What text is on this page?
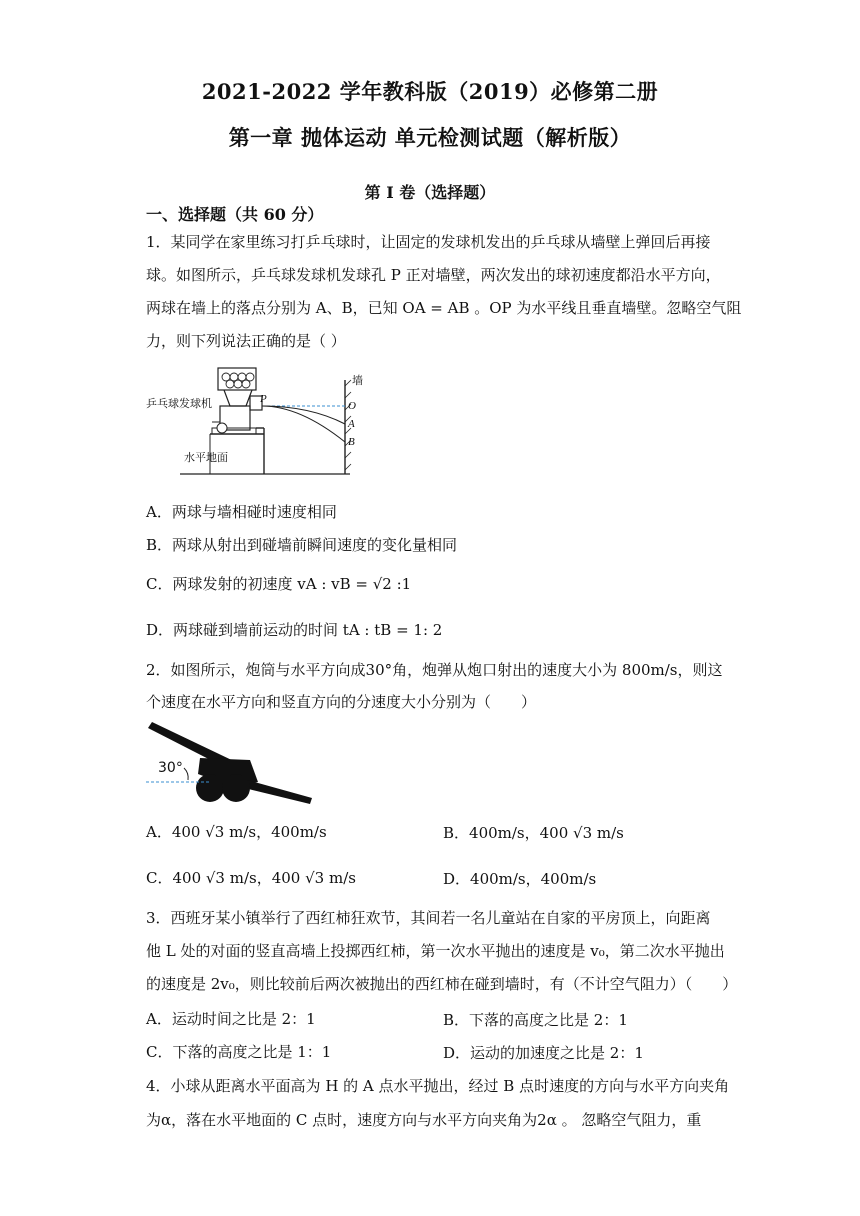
2021-2022 学年教科版（2019）必修第二册
第一章 抛体运动 单元检测试题（解析版）
第 I 卷（选择题）
一、选择题（共 60 分）
1．某同学在家里练习打乒乓球时，让固定的发球机发出的乒乓球从墙壁上弹回后再接
球。如图所示，乒乓球发球机发球孔 P 正对墙壁，两次发出的球初速度都沿水平方向，
两球在墙上的落点分别为 A、B，已知 OA = AB 。OP 为水平线且垂直墙壁。忽略空气阻
力，则下列说法正确的是（ ）
乒乓球发球机
墙
水平地面
P
O
A
B
A．两球与墙相碰时速度相同
B．两球从射出到碰墙前瞬间速度的变化量相同
C．两球发射的初速度 vA : vB = √2 :1
D．两球碰到墙前运动的时间 tA : tB = 1: 2
2．如图所示，炮筒与水平方向成30°角，炮弹从炮口射出的速度大小为 800m/s，则这
个速度在水平方向和竖直方向的分速度大小分别为（　　）
30°
A．400 √3 m/s，400m/s	B．400m/s，400 √3 m/s
C．400 √3 m/s，400 √3 m/s	D．400m/s，400m/s
3．西班牙某小镇举行了西红柿狂欢节，其间若一名儿童站在自家的平房顶上，向距离
他 L 处的对面的竖直高墙上投掷西红柿，第一次水平抛出的速度是 v₀，第二次水平抛出
的速度是 2v₀，则比较前后两次被抛出的西红柿在碰到墙时，有（不计空气阻力）（　　）
A．运动时间之比是 2：1	B．下落的高度之比是 2：1
C．下落的高度之比是 1：1	D．运动的加速度之比是 2：1
4．小球从距离水平面高为 H 的 A 点水平抛出，经过 B 点时速度的方向与水平方向夹角
为α，落在水平地面的 C 点时，速度方向与水平方向夹角为2α 。 忽略空气阻力，重
